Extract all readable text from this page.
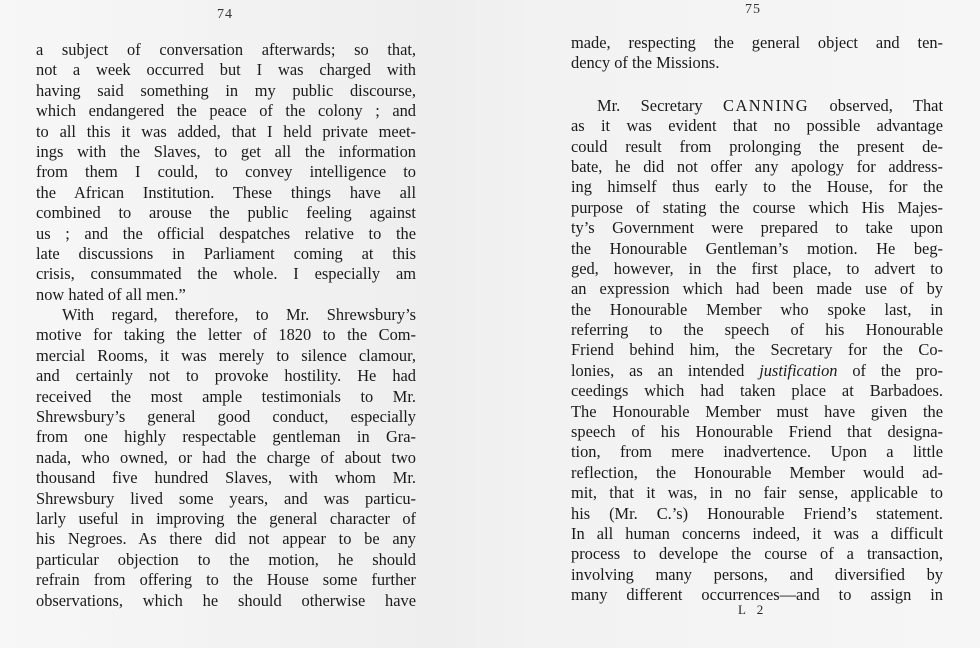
74
a subject of conversation afterwards; so that,
not a week occurred but I was charged with
having said something in my public discourse,
which endangered the peace of the colony ; and
to all this it was added, that I held private meet-
ings with the Slaves, to get all the information
from them I could, to convey intelligence to
the African Institution. These things have all
combined to arouse the public feeling against
us ; and the official despatches relative to the
late discussions in Parliament coming at this
crisis, consummated the whole. I especially am
now hated of all men.”
With regard, therefore, to Mr. Shrewsbury’s
motive for taking the letter of 1820 to the Com-
mercial Rooms, it was merely to silence clamour,
and certainly not to provoke hostility. He had
received the most ample testimonials to Mr.
Shrewsbury’s general good conduct, especially
from one highly respectable gentleman in Gra-
nada, who owned, or had the charge of about two
thousand five hundred Slaves, with whom Mr.
Shrewsbury lived some years, and was particu-
larly useful in improving the general character of
his Negroes. As there did not appear to be any
particular objection to the motion, he should
refrain from offering to the House some further
observations, which he should otherwise have
75
made, respecting the general object and ten-
dency of the Missions.
Mr. Secretary CANNING observed, That
as it was evident that no possible advantage
could result from prolonging the present de-
bate, he did not offer any apology for address-
ing himself thus early to the House, for the
purpose of stating the course which His Majes-
ty’s Government were prepared to take upon
the Honourable Gentleman’s motion. He beg-
ged, however, in the first place, to advert to
an expression which had been made use of by
the Honourable Member who spoke last, in
referring to the speech of his Honourable
Friend behind him, the Secretary for the Co-
lonies, as an intended justification of the pro-
ceedings which had taken place at Barbadoes.
The Honourable Member must have given the
speech of his Honourable Friend that designa-
tion, from mere inadvertence. Upon a little
reflection, the Honourable Member would ad-
mit, that it was, in no fair sense, applicable to
his (Mr. C.’s) Honourable Friend’s statement.
In all human concerns indeed, it was a difficult
process to develope the course of a transaction,
involving many persons, and diversified by
many different occurrences—and to assign in
L 2
